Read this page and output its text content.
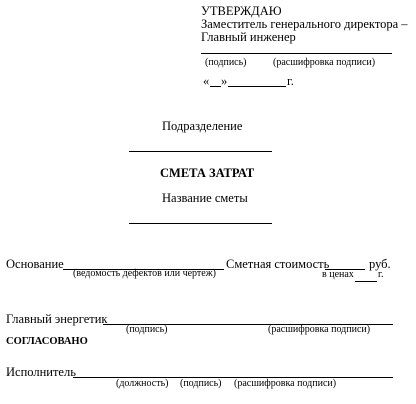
УТВЕРЖДАЮ
Заместитель генерального директора –
Главный инженер
(подпись)	(расшифровка подписи)
« »	г.
Подразделение
СМЕТА ЗАТРАТ
Название сметы
Основание
(ведомость дефектов или чертеж)
Сметная стоимость	руб.
в ценах г.
Главный энергетик
(подпись)	(расшифровка подписи)
СОГЛАСОВАНО
Исполнитель
(должность) (подпись) (расшифровка подписи)
